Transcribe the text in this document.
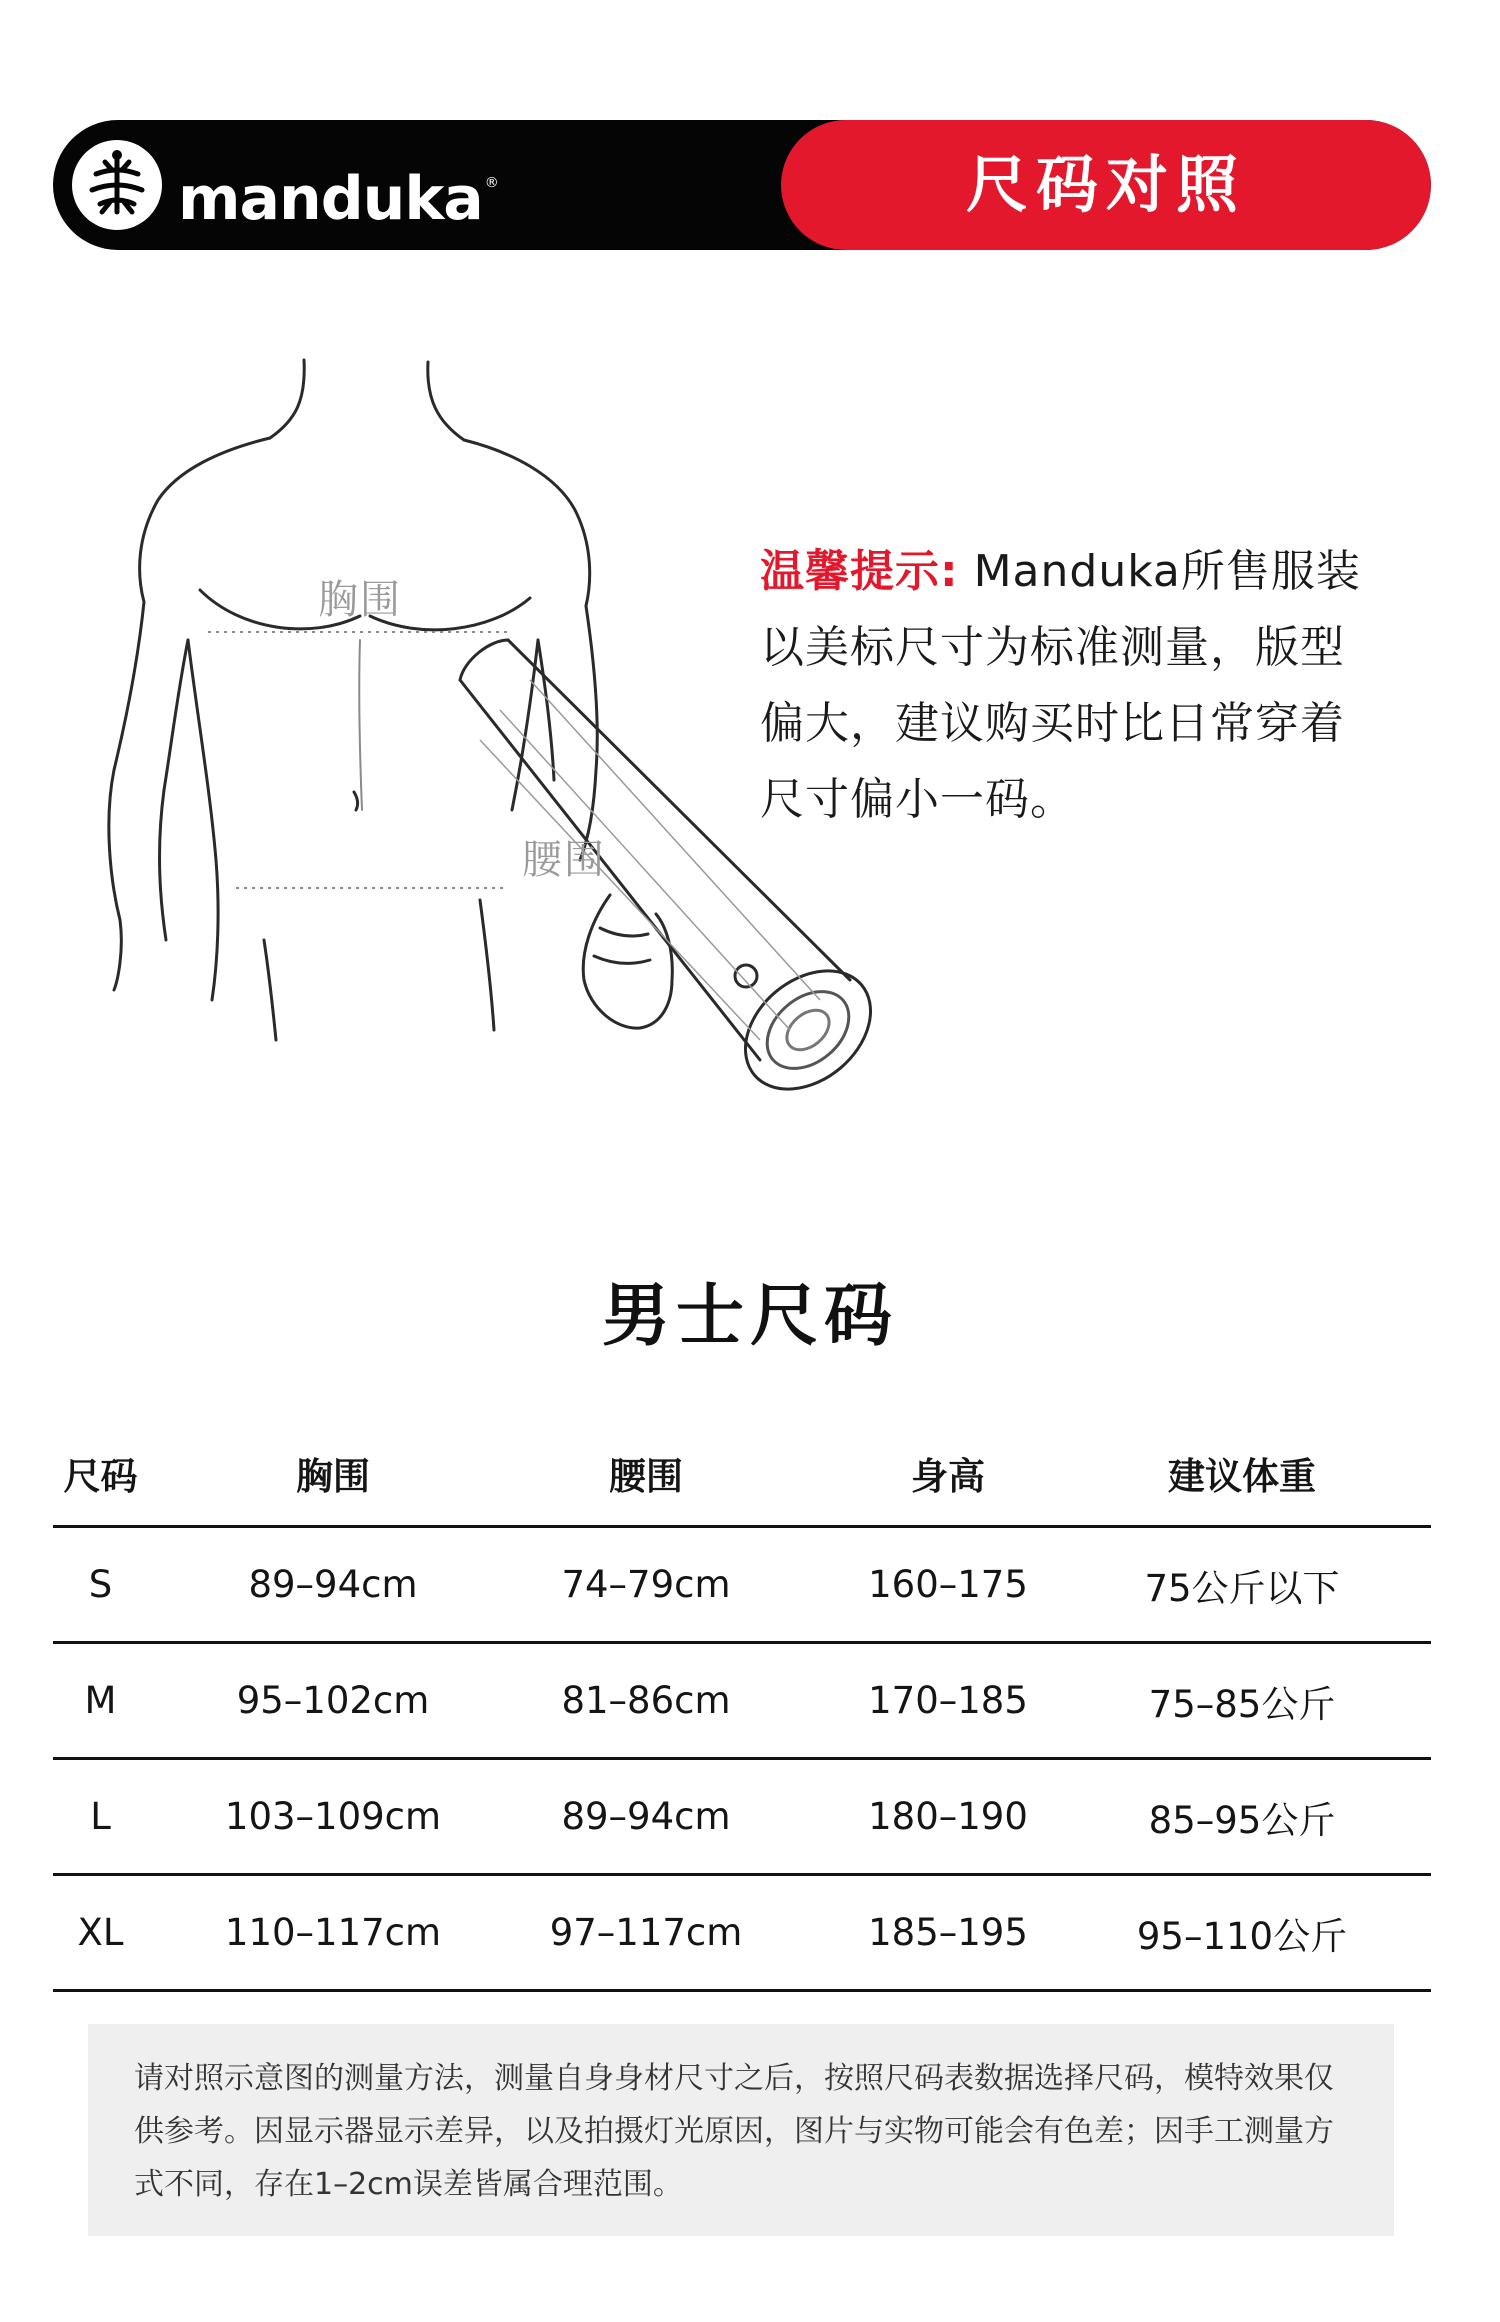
manduka ®	尺码对照
胸围
腰围
温馨提示: Manduka所售服装以美标尺寸为标准测量，版型偏大，建议购买时比日常穿着尺寸偏小一码。
男士尺码
尺码	胸围	腰围	身高	建议体重
S	89–94cm	74–79cm	160–175	75公斤以下
M	95–102cm	81–86cm	170–185	75–85公斤
L	103–109cm	89–94cm	180–190	85–95公斤
XL	110–117cm	97–117cm	185–195	95–110公斤
请对照示意图的测量方法，测量自身身材尺寸之后，按照尺码表数据选择尺码，模特效果仅供参考。因显示器显示差异，以及拍摄灯光原因，图片与实物可能会有色差；因手工测量方式不同，存在1–2cm误差皆属合理范围。
